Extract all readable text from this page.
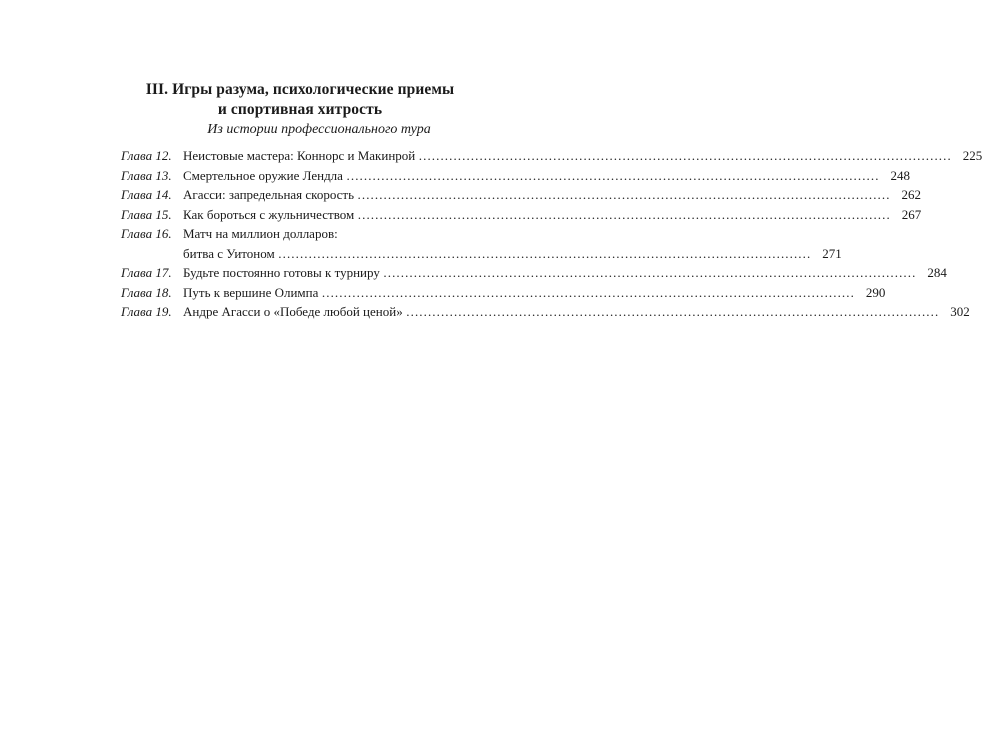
III. Игры разума, психологические приемы
и спортивная хитрость
Из истории профессионального тура
Глава 12. Неистовые мастера: Коннорс и Макинрой ……………………………………………………………………………………………………………	225
Глава 13. Смертельное оружие Лендла ……………………………………………………………………………………………………………	248
Глава 14. Агасси: запредельная скорость ……………………………………………………………………………………………………………	262
Глава 15. Как бороться с жульничеством ……………………………………………………………………………………………………………	267
Глава 16. Матч на миллион долларов:
битва с Уитоном ……………………………………………………………………………………………………………	271
Глава 17. Будьте постоянно готовы к турниру ……………………………………………………………………………………………………………	284
Глава 18. Путь к вершине Олимпа ……………………………………………………………………………………………………………	290
Глава 19. Андре Агасси о «Победе любой ценой» ……………………………………………………………………………………………………………	302
